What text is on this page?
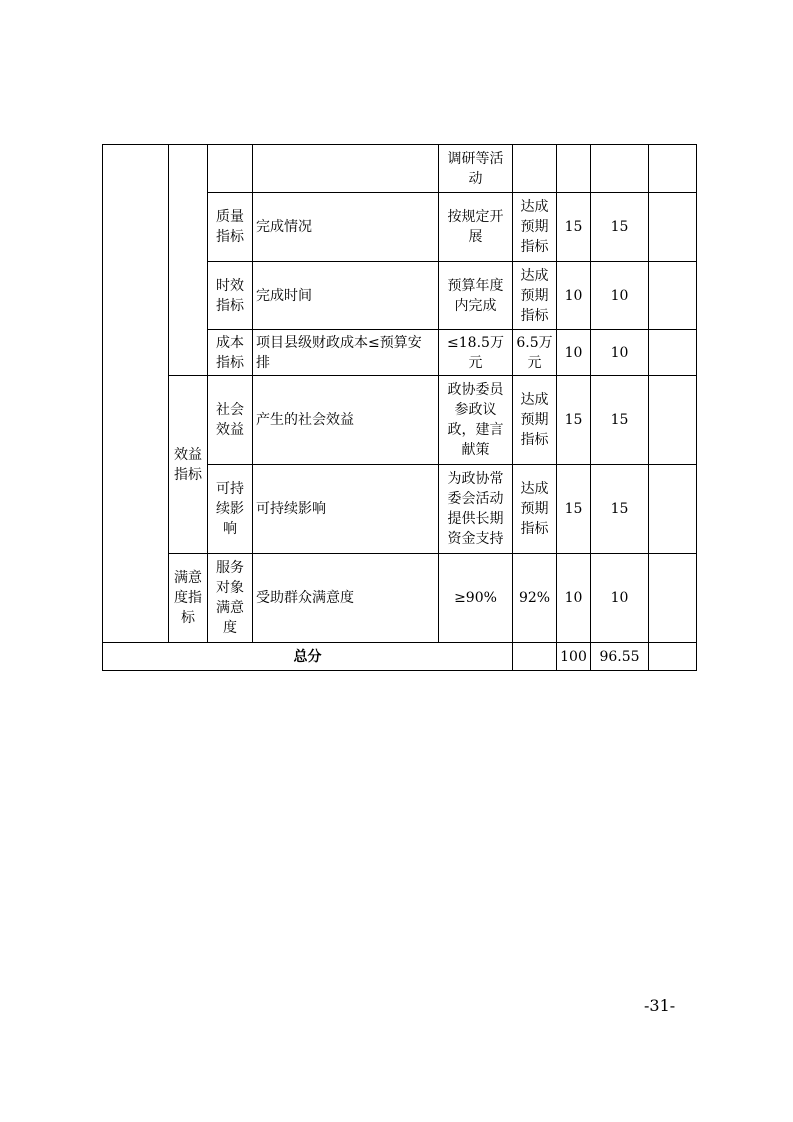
				调研等活动				
		质量指标	完成情况	按规定开展	达成预期指标	15	15	
		时效指标	完成时间	预算年度内完成	达成预期指标	10	10	
		成本指标	项目县级财政成本≤预算安排	≤18.5万元	6.5万元	10	10	
	效益指标	社会效益	产生的社会效益	政协委员参政议政，建言献策	达成预期指标	15	15	
		可持续影响	可持续影响	为政协常委会活动提供长期资金支持	达成预期指标	15	15	
	满意度指标	服务对象满意度	受助群众满意度	≥90%	92%	10	10	
总分						100	96.55	
-31-
